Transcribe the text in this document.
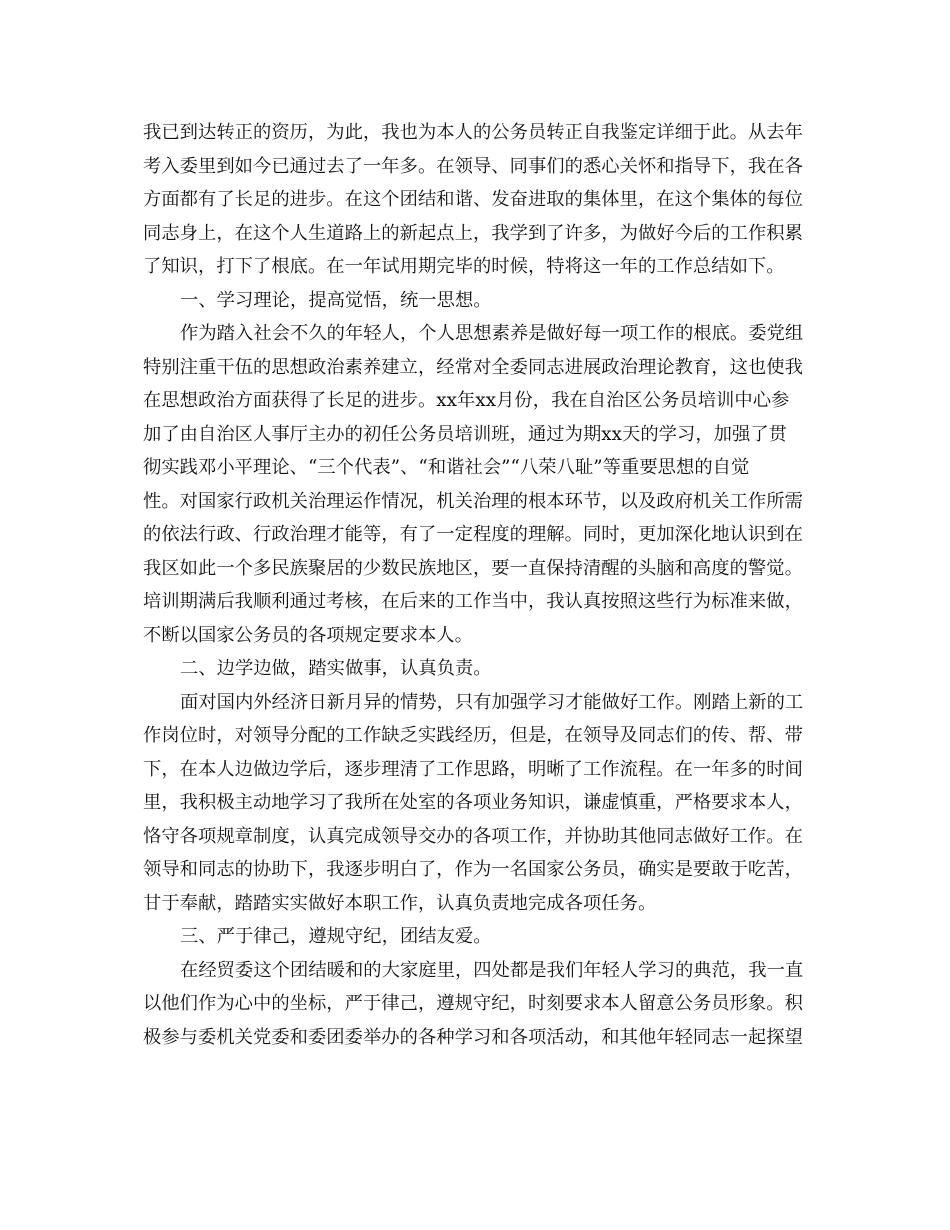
我已到达转正的资历，为此，我也为本人的公务员转正自我鉴定详细于此。从去年
考入委里到如今已通过去了一年多。在领导、同事们的悉心关怀和指导下，我在各
方面都有了长足的进步。在这个团结和谐、发奋进取的集体里，在这个集体的每位
同志身上，在这个人生道路上的新起点上，我学到了许多，为做好今后的工作积累
了知识，打下了根底。在一年试用期完毕的时候，特将这一年的工作总结如下。
一、学习理论，提高觉悟，统一思想。
作为踏入社会不久的年轻人，个人思想素养是做好每一项工作的根底。委党组
特别注重干伍的思想政治素养建立，经常对全委同志进展政治理论教育，这也使我
在思想政治方面获得了长足的进步。xx年xx月份，我在自治区公务员培训中心参
加了由自治区人事厅主办的初任公务员培训班，通过为期xx天的学习，加强了贯
彻实践邓小平理论、“三个代表”、“和谐社会”“八荣八耻”等重要思想的自觉
性。对国家行政机关治理运作情况，机关治理的根本环节，以及政府机关工作所需
的依法行政、行政治理才能等，有了一定程度的理解。同时，更加深化地认识到在
我区如此一个多民族聚居的少数民族地区，要一直保持清醒的头脑和高度的警觉。
培训期满后我顺利通过考核，在后来的工作当中，我认真按照这些行为标准来做，
不断以国家公务员的各项规定要求本人。
二、边学边做，踏实做事，认真负责。
面对国内外经济日新月异的情势，只有加强学习才能做好工作。刚踏上新的工
作岗位时，对领导分配的工作缺乏实践经历，但是，在领导及同志们的传、帮、带
下，在本人边做边学后，逐步理清了工作思路，明晰了工作流程。在一年多的时间
里，我积极主动地学习了我所在处室的各项业务知识，谦虚慎重，严格要求本人，
恪守各项规章制度，认真完成领导交办的各项工作，并协助其他同志做好工作。在
领导和同志的协助下，我逐步明白了，作为一名国家公务员，确实是要敢于吃苦，
甘于奉献，踏踏实实做好本职工作，认真负责地完成各项任务。
三、严于律己，遵规守纪，团结友爱。
在经贸委这个团结暖和的大家庭里，四处都是我们年轻人学习的典范，我一直
以他们作为心中的坐标，严于律己，遵规守纪，时刻要求本人留意公务员形象。积
极参与委机关党委和委团委举办的各种学习和各项活动，和其他年轻同志一起探望
